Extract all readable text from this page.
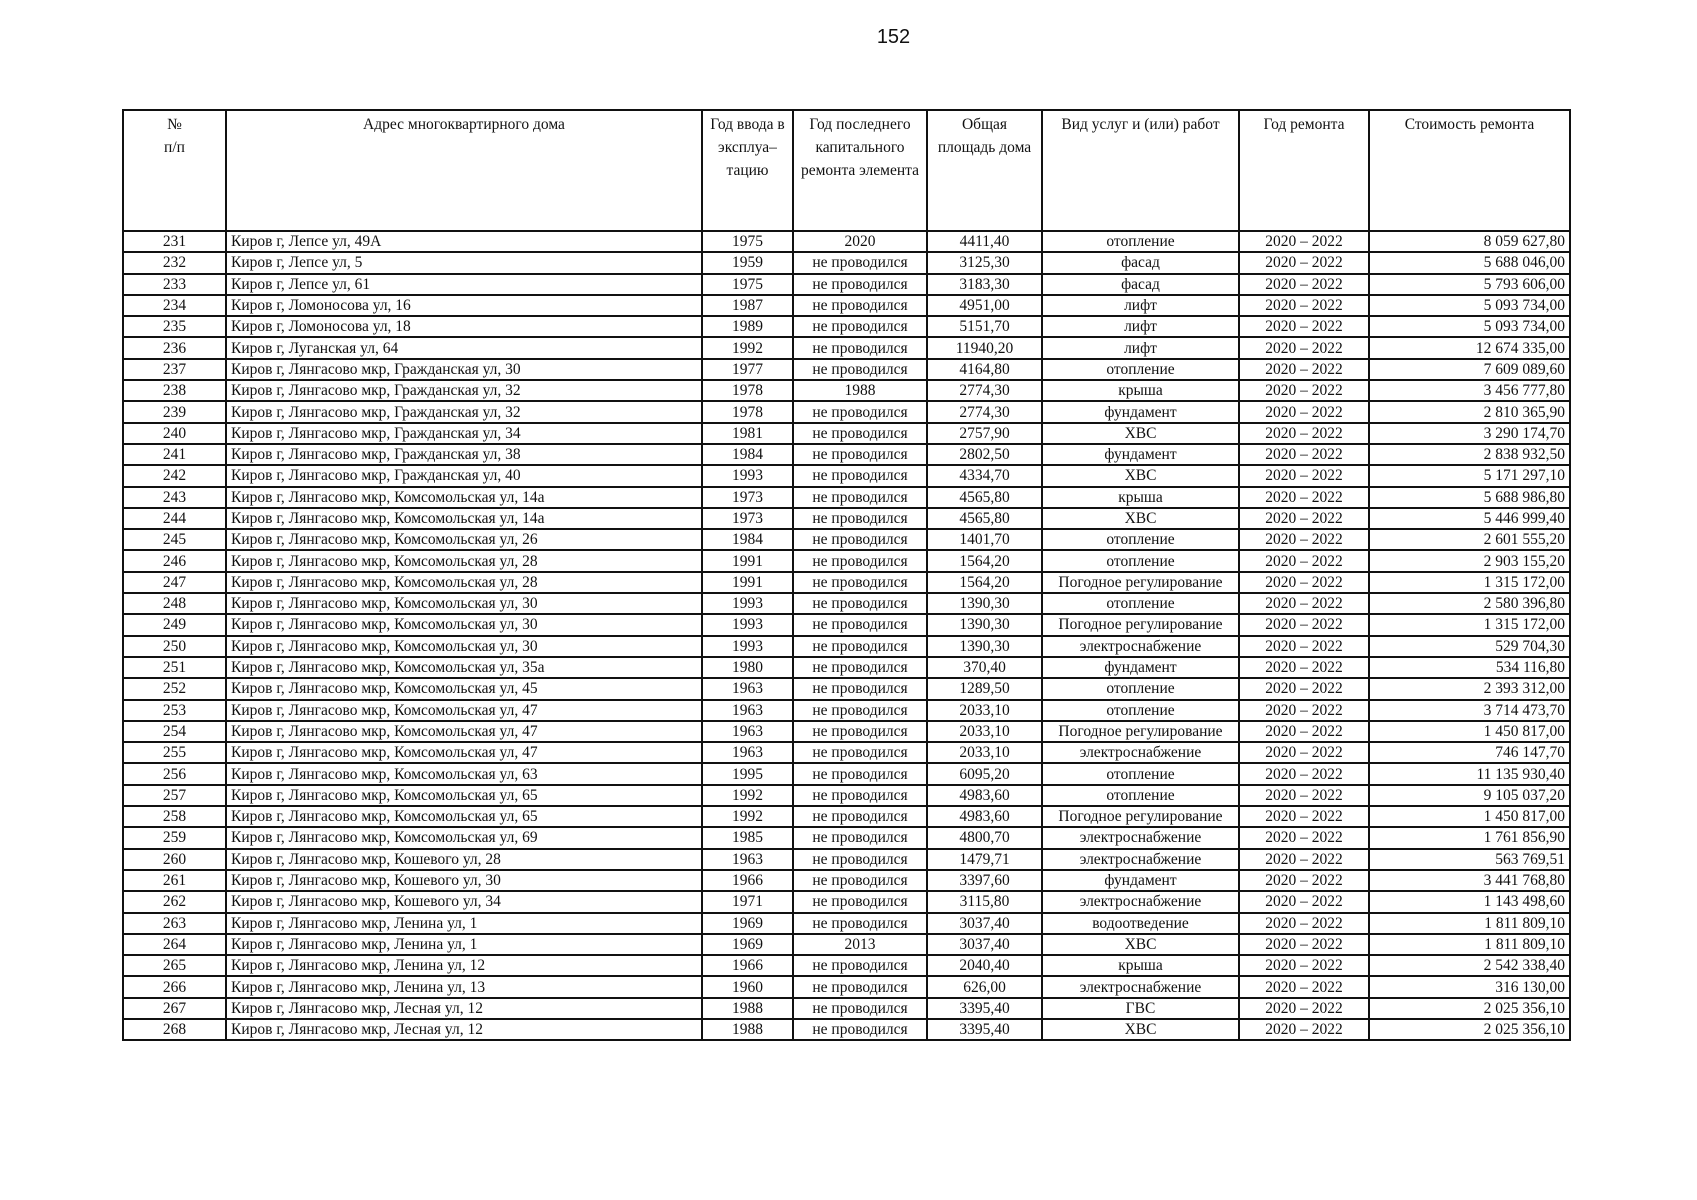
152
№
п/п	Адрес многоквартирного дома	Год ввода в эксплуа–тацию	Год последнего капитального ремонта элемента	Общая площадь дома	Вид услуг и (или) работ	Год ремонта	Стоимость ремонта
231	Киров г, Лепсе ул, 49А	1975	2020	4411,40	отопление	2020 – 2022	8 059 627,80
232	Киров г, Лепсе ул, 5	1959	не проводился	3125,30	фасад	2020 – 2022	5 688 046,00
233	Киров г, Лепсе ул, 61	1975	не проводился	3183,30	фасад	2020 – 2022	5 793 606,00
234	Киров г, Ломоносова ул, 16	1987	не проводился	4951,00	лифт	2020 – 2022	5 093 734,00
235	Киров г, Ломоносова ул, 18	1989	не проводился	5151,70	лифт	2020 – 2022	5 093 734,00
236	Киров г, Луганская ул, 64	1992	не проводился	11940,20	лифт	2020 – 2022	12 674 335,00
237	Киров г, Лянгасово мкр, Гражданская ул, 30	1977	не проводился	4164,80	отопление	2020 – 2022	7 609 089,60
238	Киров г, Лянгасово мкр, Гражданская ул, 32	1978	1988	2774,30	крыша	2020 – 2022	3 456 777,80
239	Киров г, Лянгасово мкр, Гражданская ул, 32	1978	не проводился	2774,30	фундамент	2020 – 2022	2 810 365,90
240	Киров г, Лянгасово мкр, Гражданская ул, 34	1981	не проводился	2757,90	ХВС	2020 – 2022	3 290 174,70
241	Киров г, Лянгасово мкр, Гражданская ул, 38	1984	не проводился	2802,50	фундамент	2020 – 2022	2 838 932,50
242	Киров г, Лянгасово мкр, Гражданская ул, 40	1993	не проводился	4334,70	ХВС	2020 – 2022	5 171 297,10
243	Киров г, Лянгасово мкр, Комсомольская ул, 14а	1973	не проводился	4565,80	крыша	2020 – 2022	5 688 986,80
244	Киров г, Лянгасово мкр, Комсомольская ул, 14а	1973	не проводился	4565,80	ХВС	2020 – 2022	5 446 999,40
245	Киров г, Лянгасово мкр, Комсомольская ул, 26	1984	не проводился	1401,70	отопление	2020 – 2022	2 601 555,20
246	Киров г, Лянгасово мкр, Комсомольская ул, 28	1991	не проводился	1564,20	отопление	2020 – 2022	2 903 155,20
247	Киров г, Лянгасово мкр, Комсомольская ул, 28	1991	не проводился	1564,20	Погодное регулирование	2020 – 2022	1 315 172,00
248	Киров г, Лянгасово мкр, Комсомольская ул, 30	1993	не проводился	1390,30	отопление	2020 – 2022	2 580 396,80
249	Киров г, Лянгасово мкр, Комсомольская ул, 30	1993	не проводился	1390,30	Погодное регулирование	2020 – 2022	1 315 172,00
250	Киров г, Лянгасово мкр, Комсомольская ул, 30	1993	не проводился	1390,30	электроснабжение	2020 – 2022	529 704,30
251	Киров г, Лянгасово мкр, Комсомольская ул, 35а	1980	не проводился	370,40	фундамент	2020 – 2022	534 116,80
252	Киров г, Лянгасово мкр, Комсомольская ул, 45	1963	не проводился	1289,50	отопление	2020 – 2022	2 393 312,00
253	Киров г, Лянгасово мкр, Комсомольская ул, 47	1963	не проводился	2033,10	отопление	2020 – 2022	3 714 473,70
254	Киров г, Лянгасово мкр, Комсомольская ул, 47	1963	не проводился	2033,10	Погодное регулирование	2020 – 2022	1 450 817,00
255	Киров г, Лянгасово мкр, Комсомольская ул, 47	1963	не проводился	2033,10	электроснабжение	2020 – 2022	746 147,70
256	Киров г, Лянгасово мкр, Комсомольская ул, 63	1995	не проводился	6095,20	отопление	2020 – 2022	11 135 930,40
257	Киров г, Лянгасово мкр, Комсомольская ул, 65	1992	не проводился	4983,60	отопление	2020 – 2022	9 105 037,20
258	Киров г, Лянгасово мкр, Комсомольская ул, 65	1992	не проводился	4983,60	Погодное регулирование	2020 – 2022	1 450 817,00
259	Киров г, Лянгасово мкр, Комсомольская ул, 69	1985	не проводился	4800,70	электроснабжение	2020 – 2022	1 761 856,90
260	Киров г, Лянгасово мкр, Кошевого ул, 28	1963	не проводился	1479,71	электроснабжение	2020 – 2022	563 769,51
261	Киров г, Лянгасово мкр, Кошевого ул, 30	1966	не проводился	3397,60	фундамент	2020 – 2022	3 441 768,80
262	Киров г, Лянгасово мкр, Кошевого ул, 34	1971	не проводился	3115,80	электроснабжение	2020 – 2022	1 143 498,60
263	Киров г, Лянгасово мкр, Ленина ул, 1	1969	не проводился	3037,40	водоотведение	2020 – 2022	1 811 809,10
264	Киров г, Лянгасово мкр, Ленина ул, 1	1969	2013	3037,40	ХВС	2020 – 2022	1 811 809,10
265	Киров г, Лянгасово мкр, Ленина ул, 12	1966	не проводился	2040,40	крыша	2020 – 2022	2 542 338,40
266	Киров г, Лянгасово мкр, Ленина ул, 13	1960	не проводился	626,00	электроснабжение	2020 – 2022	316 130,00
267	Киров г, Лянгасово мкр, Лесная ул, 12	1988	не проводился	3395,40	ГВС	2020 – 2022	2 025 356,10
268	Киров г, Лянгасово мкр, Лесная ул, 12	1988	не проводился	3395,40	ХВС	2020 – 2022	2 025 356,10
